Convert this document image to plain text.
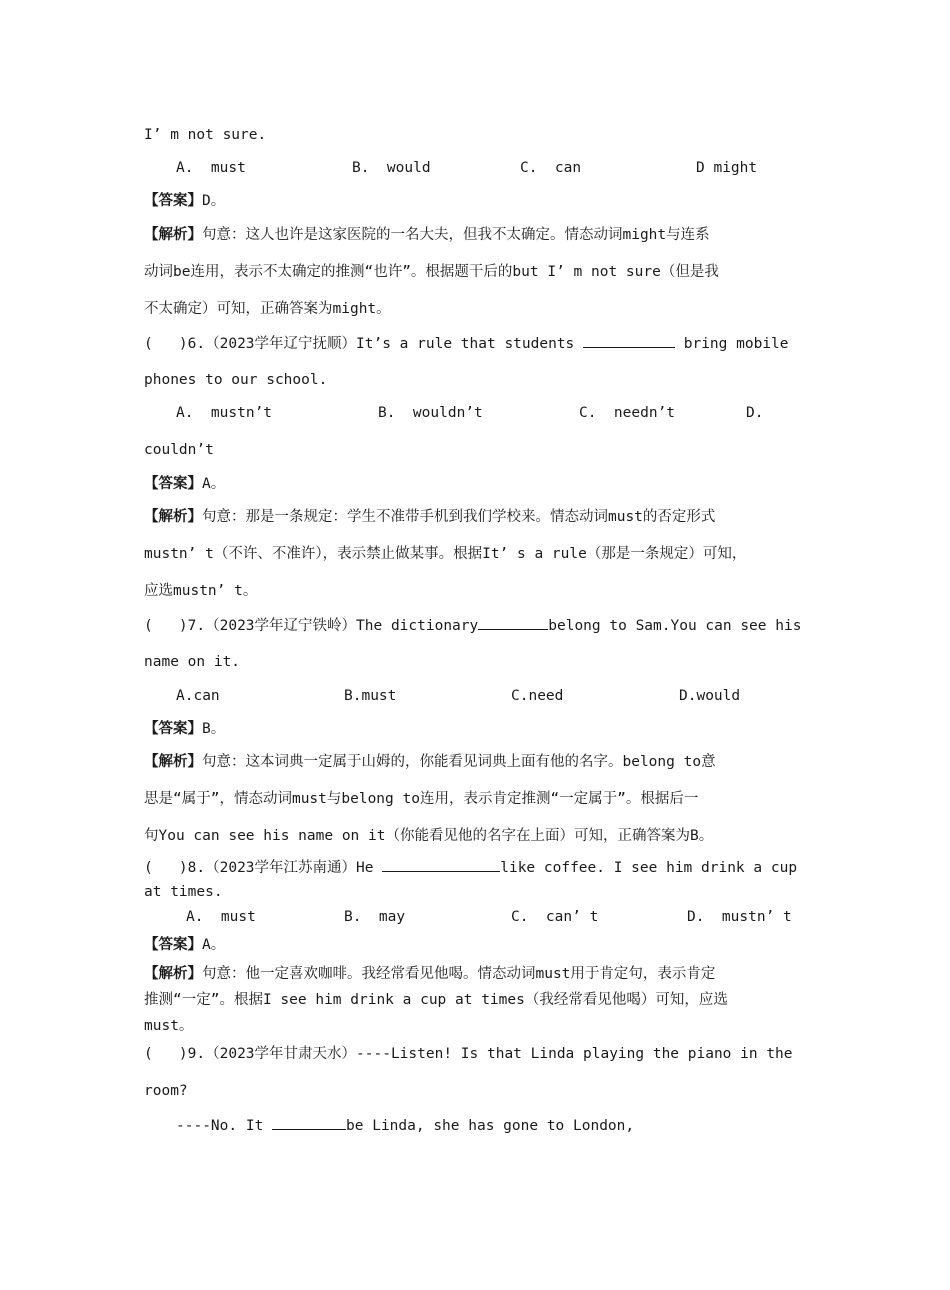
I’ m not sure.
A.  must	B.  would	C.  can	D might
【答案】D。
【解析】句意：这人也许是这家医院的一名大夫，但我不太确定。情态动词might与连系
动词be连用，表示不太确定的推测“也许”。根据题干后的but I’ m not sure（但是我
不太确定）可知，正确答案为might。
(   )6.（2023学年辽宁抚顺）It’s a rule that students	bring mobile
phones to our school.
A.  mustn’t	B.  wouldn’t	C.  needn’t	D.
couldn’t
【答案】A。
【解析】句意：那是一条规定：学生不准带手机到我们学校来。情态动词must的否定形式
mustn’ t（不许、不准许），表示禁止做某事。根据It’ s a rule（那是一条规定）可知，
应选mustn’ t。
(   )7.（2023学年辽宁铁岭）The dictionary	belong to Sam.You can see his
name on it.
A.can	B.must	C.need	D.would
【答案】B。
【解析】句意：这本词典一定属于山姆的，你能看见词典上面有他的名字。belong to意
思是“属于”，情态动词must与belong to连用，表示肯定推测“一定属于”。根据后一
句You can see his name on it（你能看见他的名字在上面）可知，正确答案为B。
(   )8.（2023学年江苏南通）He	like coffee. I see him drink a cup
at times.
A.  must	B.  may	C.  can’ t	D.  mustn’ t
【答案】A。
【解析】句意：他一定喜欢咖啡。我经常看见他喝。情态动词must用于肯定句，表示肯定
推测“一定”。根据I see him drink a cup at times（我经常看见他喝）可知，应选
must。
(   )9.（2023学年甘肃天水）----Listen! Is that Linda playing the piano in the
room?
----No. It	be Linda, she has gone to London,
